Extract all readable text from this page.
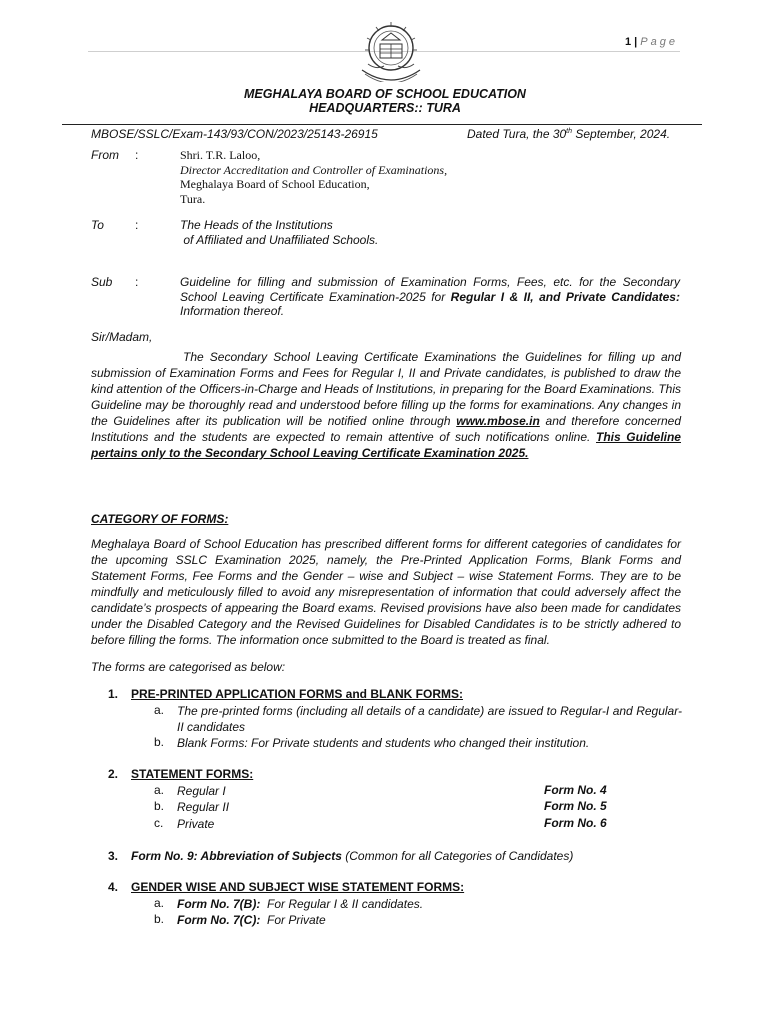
1 | Page
MEGHALAYA BOARD OF SCHOOL EDUCATION
HEADQUARTERS:: TURA
MBOSE/SSLC/Exam-143/93/CON/2023/25143-26915	Dated Tura, the 30th September, 2024.
From :	Shri. T.R. Laloo,
Director Accreditation and Controller of Examinations,
Meghalaya Board of School Education,
Tura.
To	:	The Heads of the Institutions
of Affiliated and Unaffiliated Schools.
Sub :	Guideline for filling and submission of Examination Forms, Fees, etc. for the Secondary School Leaving Certificate Examination-2025 for Regular I & II, and Private Candidates: Information thereof.
Sir/Madam,
The Secondary School Leaving Certificate Examinations the Guidelines for filling up and submission of Examination Forms and Fees for Regular I, II and Private candidates, is published to draw the kind attention of the Officers-in-Charge and Heads of Institutions, in preparing for the Board Examinations. This Guideline may be thoroughly read and understood before filling up the forms for examinations. Any changes in the Guidelines after its publication will be notified online through www.mbose.in and therefore concerned Institutions and the students are expected to remain attentive of such notifications online. This Guideline pertains only to the Secondary School Leaving Certificate Examination 2025.
CATEGORY OF FORMS:
Meghalaya Board of School Education has prescribed different forms for different categories of candidates for the upcoming SSLC Examination 2025, namely, the Pre-Printed Application Forms, Blank Forms and Statement Forms, Fee Forms and the Gender – wise and Subject – wise Statement Forms. They are to be mindfully and meticulously filled to avoid any misrepresentation of information that could adversely affect the candidate’s prospects of appearing the Board exams. Revised provisions have also been made for candidates under the Disabled Category and the Revised Guidelines for Disabled Candidates is to be strictly adhered to before filling the forms. The information once submitted to the Board is treated as final.
The forms are categorised as below:
1. PRE-PRINTED APPLICATION FORMS and BLANK FORMS:
a. The pre-printed forms (including all details of a candidate) are issued to Regular-I and Regular-II candidates
b. Blank Forms: For Private students and students who changed their institution.
2. STATEMENT FORMS:
a. Regular I	Form No. 4
b. Regular II	Form No. 5
c. Private	Form No. 6
3. Form No. 9: Abbreviation of Subjects (Common for all Categories of Candidates)
4. GENDER WISE AND SUBJECT WISE STATEMENT FORMS:
a. Form No. 7(B):  For Regular I & II candidates.
b. Form No. 7(C):  For Private
